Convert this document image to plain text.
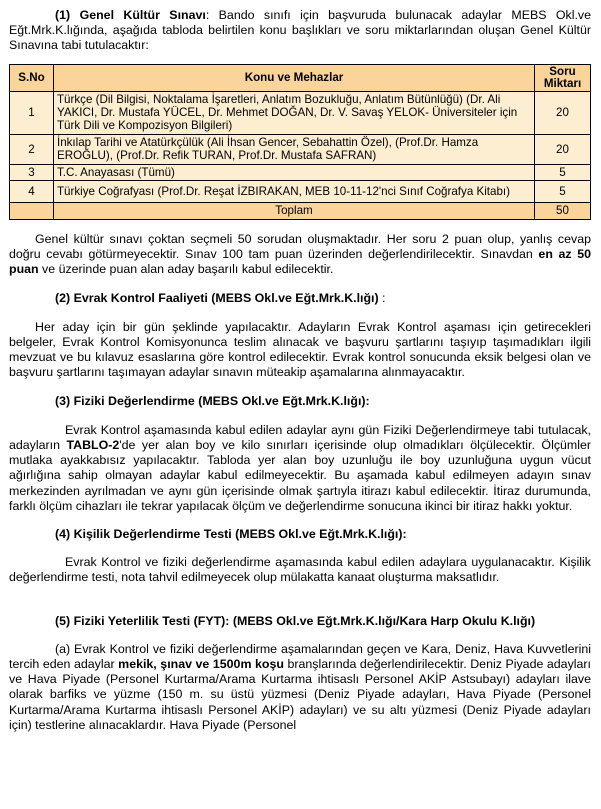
(1) Genel Kültür Sınavı: Bando sınıfı için başvuruda bulunacak adaylar MEBS Okl.ve Eğt.Mrk.K.lığında, aşağıda tabloda belirtilen konu başlıkları ve soru miktarlarından oluşan Genel Kültür Sınavına tabi tutulacaktır:

S.No	Konu ve Mehazlar	Soru Miktarı
1	Türkçe (Dil Bilgisi, Noktalama İşaretleri, Anlatım Bozukluğu, Anlatım Bütünlüğü) (Dr. Ali YAKICI, Dr. Mustafa YÜCEL, Dr. Mehmet DOĞAN, Dr. V. Savaş YELOK- Üniversiteler için Türk Dili ve Kompozisyon Bilgileri)	20
2	İnkılap Tarihi ve Atatürkçülük (Ali İhsan Gencer, Sebahattin Özel), (Prof.Dr. Hamza EROĞLU), (Prof.Dr. Refik TURAN, Prof.Dr. Mustafa SAFRAN)	20
3	T.C. Anayasası (Tümü)	5
4	Türkiye Coğrafyası (Prof.Dr. Reşat İZBIRAKAN, MEB 10-11-12'nci Sınıf Coğrafya Kitabı)	5
	Toplam	50

Genel kültür sınavı çoktan seçmeli 50 sorudan oluşmaktadır. Her soru 2 puan olup, yanlış cevap doğru cevabı götürmeyecektir. Sınav 100 tam puan üzerinden değerlendirilecektir. Sınavdan en az 50 puan ve üzerinde puan alan aday başarılı kabul edilecektir.

(2) Evrak Kontrol Faaliyeti (MEBS Okl.ve Eğt.Mrk.K.lığı) :

Her aday için bir gün şeklinde yapılacaktır. Adayların Evrak Kontrol aşaması için getirecekleri belgeler, Evrak Kontrol Komisyonunca teslim alınacak ve başvuru şartlarını taşıyıp taşımadıkları ilgili mevzuat ve bu kılavuz esaslarına göre kontrol edilecektir. Evrak kontrol sonucunda eksik belgesi olan ve başvuru şartlarını taşımayan adaylar sınavın müteakip aşamalarına alınmayacaktır.

(3) Fiziki Değerlendirme (MEBS Okl.ve Eğt.Mrk.K.lığı):

Evrak Kontrol aşamasında kabul edilen adaylar aynı gün Fiziki Değerlendirmeye tabi tutulacak, adayların TABLO-2'de yer alan boy ve kilo sınırları içerisinde olup olmadıkları ölçülecektir. Ölçümler mutlaka ayakkabısız yapılacaktır. Tabloda yer alan boy uzunluğu ile boy uzunluğuna uygun vücut ağırlığına sahip olmayan adaylar kabul edilmeyecektir. Bu aşamada kabul edilmeyen adayın sınav merkezinden ayrılmadan ve aynı gün içerisinde olmak şartıyla itirazı kabul edilecektir. İtiraz durumunda, farklı ölçüm cihazları ile tekrar yapılacak ölçüm ve değerlendirme sonucuna ikinci bir itiraz hakkı yoktur.

(4) Kişilik Değerlendirme Testi (MEBS Okl.ve Eğt.Mrk.K.lığı):

Evrak Kontrol ve fiziki değerlendirme aşamasında kabul edilen adaylara uygulanacaktır. Kişilik değerlendirme testi, nota tahvil edilmeyecek olup mülakatta kanaat oluşturma maksatlıdır.

(5) Fiziki Yeterlilik Testi (FYT): (MEBS Okl.ve Eğt.Mrk.K.lığı/Kara Harp Okulu K.lığı)

(a) Evrak Kontrol ve fiziki değerlendirme aşamalarından geçen ve Kara, Deniz, Hava Kuvvetlerini tercih eden adaylar mekik, şınav ve 1500m koşu branşlarında değerlendirilecektir. Deniz Piyade adayları ve Hava Piyade (Personel Kurtarma/Arama Kurtarma ihtisaslı Personel AKİP Astsubayı) adayları ilave olarak barfiks ve yüzme (150 m. su üstü yüzmesi (Deniz Piyade adayları, Hava Piyade (Personel Kurtarma/Arama Kurtarma ihtisaslı Personel AKİP) adayları) ve su altı yüzmesi (Deniz Piyade adayları için) testlerine alınacaklardır. Hava Piyade (Personel
